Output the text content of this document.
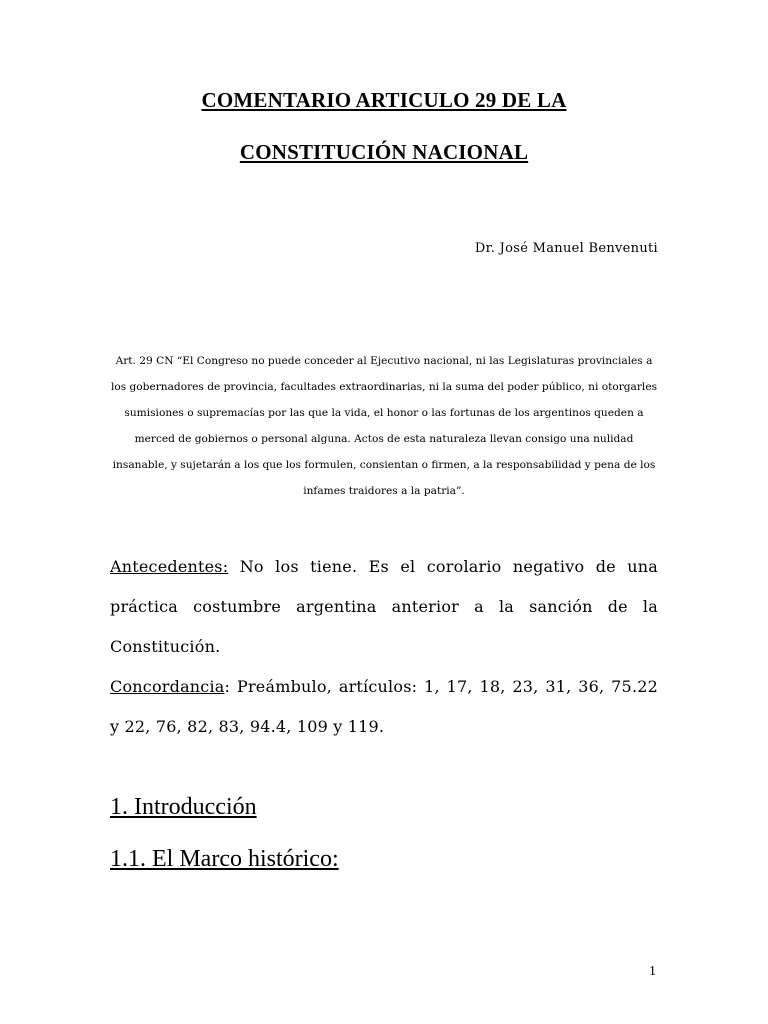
COMENTARIO ARTICULO 29 DE LA
CONSTITUCIÓN NACIONAL
Dr. José Manuel Benvenuti
Art. 29 CN “El Congreso no puede conceder al Ejecutivo nacional, ni las Legislaturas provinciales a los gobernadores de provincia, facultades extraordinarias, ni la suma del poder público, ni otorgarles sumisiones o supremacías por las que la vida, el honor o las fortunas de los argentinos queden a merced de gobiernos o personal alguna. Actos de esta naturaleza llevan consigo una nulidad insanable, y sujetarán a los que los formulen, consientan o firmen, a la responsabilidad y pena de los infames traidores a la patria”.
Antecedentes: No los tiene. Es el corolario negativo de una práctica costumbre argentina anterior a la sanción de la Constitución.
Concordancia: Preámbulo, artículos: 1, 17, 18, 23, 31, 36, 75.22 y 22, 76, 82, 83, 94.4, 109 y 119.
1. Introducción
1.1. El Marco histórico:
1
